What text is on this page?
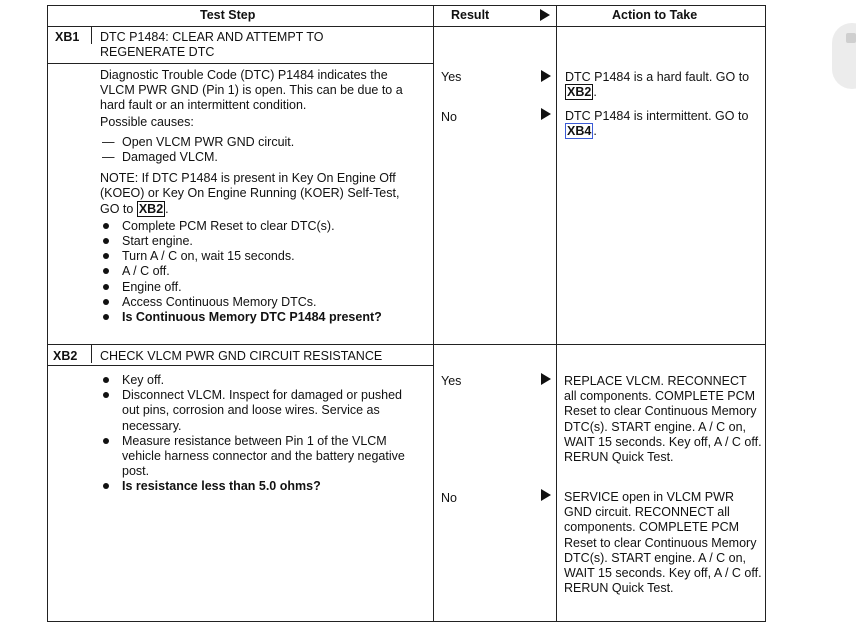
Test Step	Result	Action to Take
XB1 DTC P1484: CLEAR AND ATTEMPT TO
REGENERATE DTC
Diagnostic Trouble Code (DTC) P1484 indicates the VLCM PWR GND (Pin 1) is open. This can be due to a hard fault or an intermittent condition.
Possible causes:
— Open VLCM PWR GND circuit.
— Damaged VLCM.
NOTE: If DTC P1484 is present in Key On Engine Off (KOEO) or Key On Engine Running (KOER) Self-Test, GO to XB2 .
Complete PCM Reset to clear DTC(s).
Start engine.
Turn A / C on, wait 15 seconds.
A / C off.
Engine off.
Access Continuous Memory DTCs.
Is Continuous Memory DTC P1484 present?
Yes	DTC P1484 is a hard fault. GO to XB2 .
No	DTC P1484 is intermittent. GO to XB4 .
XB2 CHECK VLCM PWR GND CIRCUIT RESISTANCE
Key off.
Disconnect VLCM. Inspect for damaged or pushed out pins, corrosion and loose wires. Service as necessary.
Measure resistance between Pin 1 of the VLCM vehicle harness connector and the battery negative post.
Is resistance less than 5.0 ohms?
Yes	REPLACE VLCM. RECONNECT all components. COMPLETE PCM Reset to clear Continuous Memory DTC(s). START engine. A / C on, WAIT 15 seconds. Key off, A / C off. RERUN Quick Test.
No	SERVICE open in VLCM PWR GND circuit. RECONNECT all components. COMPLETE PCM Reset to clear Continuous Memory DTC(s). START engine. A / C on, WAIT 15 seconds. Key off, A / C off. RERUN Quick Test.
